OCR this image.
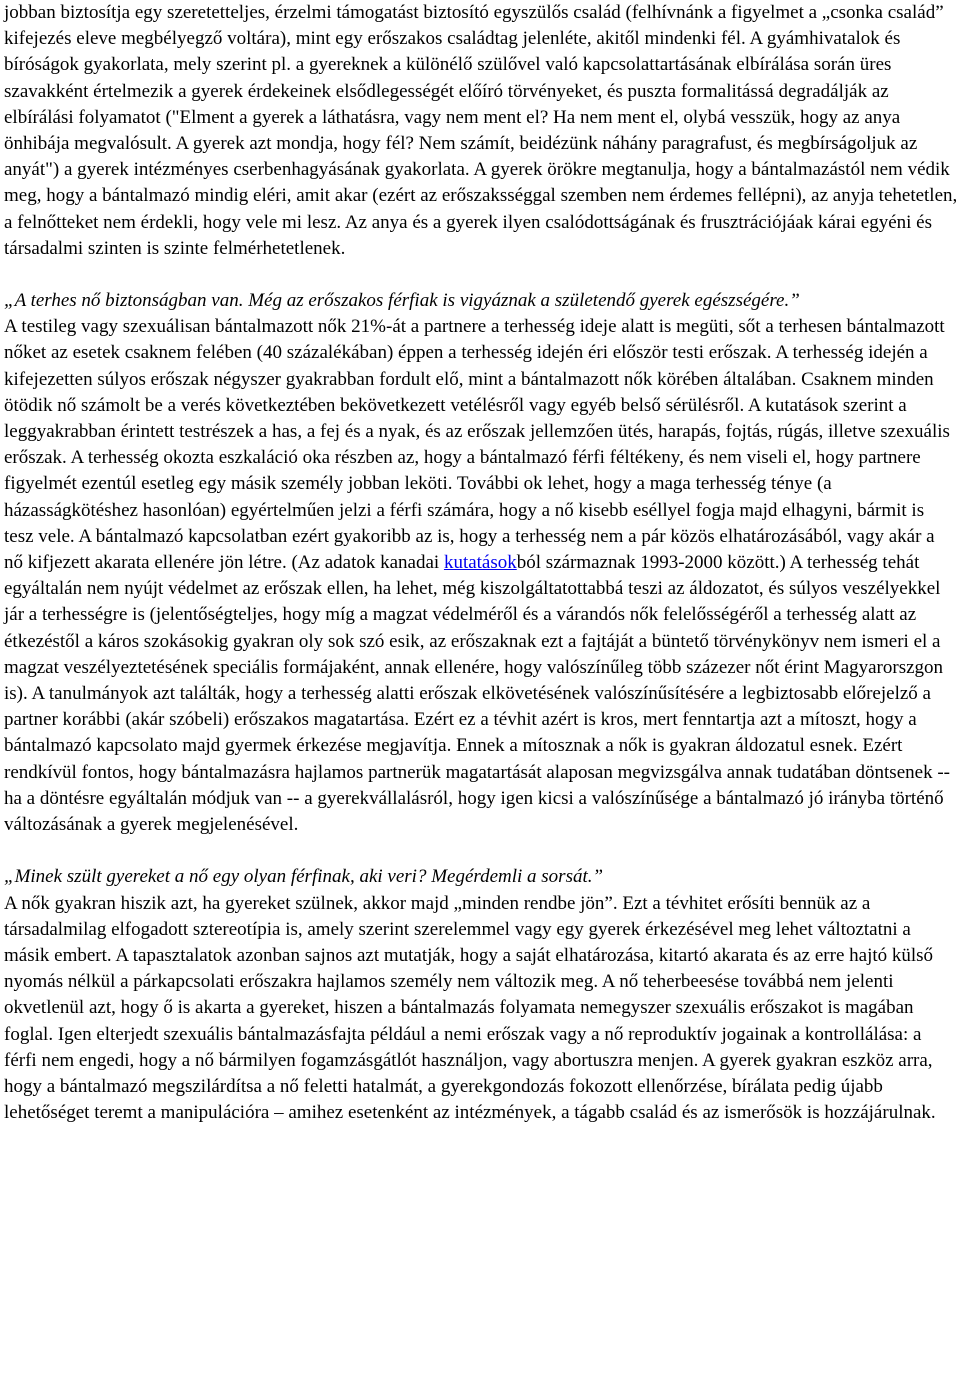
jobban biztosítja egy szeretetteljes, érzelmi támogatást biztosító egyszülős család (felhívnánk a figyelmet a „csonka család” kifejezés eleve megbélyegző voltára), mint egy erőszakos családtag jelenléte, akitől mindenki fél. A gyámhivatalok és bíróságok gyakorlata, mely szerint pl. a gyereknek a különélő szülővel való kapcsolattartásának elbírálása során üres szavakként értelmezik a gyerek érdekeinek elsődlegességét előíró törvényeket, és puszta formalitássá degradálják az elbírálási folyamatot ("Elment a gyerek a láthatásra, vagy nem ment el? Ha nem ment el, olybá vesszük, hogy az anya önhibája megvalósult. A gyerek azt mondja, hogy fél? Nem számít, beidézünk náhány paragrafust, és megbírságoljuk az anyát") a gyerek intézményes cserbenhagyásának gyakorlata. A gyerek örökre megtanulja, hogy a bántalmazástól nem védik meg, hogy a bántalmazó mindig eléri, amit akar (ezért az erőszaksséggal szemben nem érdemes fellépni), az anyja tehetetlen, a felnőtteket nem érdekli, hogy vele mi lesz. Az anya és a gyerek ilyen csalódottságának és frusztrációjáak kárai egyéni és társadalmi szinten is szinte felmérhetetlenek.

„A terhes nő biztonságban van. Még az erőszakos férfiak is vigyáznak a születendő gyerek egészségére.”

A testileg vagy szexuálisan bántalmazott nők 21%-át a partnere a terhesség ideje alatt is megüti, sőt a terhesen bántalmazott nőket az esetek csaknem felében (40 százalékában) éppen a terhesség idején éri először testi erőszak. A terhesség idején a kifejezetten súlyos erőszak négyszer gyakrabban fordult elő, mint a bántalmazott nők körében általában. Csaknem minden ötödik nő számolt be a verés következtében bekövetkezett vetélésről vagy egyéb belső sérülésről. A kutatások szerint a leggyakrabban érintett testrészek a has, a fej és a nyak, és az erőszak jellemzően ütés, harapás, fojtás, rúgás, illetve szexuális erőszak. A terhesség okozta eszkaláció oka részben az, hogy a bántalmazó férfi féltékeny, és nem viseli el, hogy partnere figyelmét ezentúl esetleg egy másik személy jobban leköti. További ok lehet, hogy a maga terhesség ténye (a házasságkötéshez hasonlóan) egyértelműen jelzi a férfi számára, hogy a nő kisebb eséllyel fogja majd elhagyni, bármit is tesz vele. A bántalmazó kapcsolatban ezért gyakoribb az is, hogy a terhesség nem a pár közös elhatározásából, vagy akár a nő kifjezett akarata ellenére jön létre. (Az adatok kanadai kutatásokból származnak 1993-2000 között.) A terhesség tehát egyáltalán nem nyújt védelmet az erőszak ellen, ha lehet, még kiszolgáltatottabbá teszi az áldozatot, és súlyos veszélyekkel jár a terhességre is (jelentőségteljes, hogy míg a magzat védelméről és a várandós nők felelősségéről a terhesség alatt az étkezéstől a káros szokásokig gyakran oly sok szó esik, az erőszaknak ezt a fajtáját a büntető törvénykönyv nem ismeri el a magzat veszélyeztetésének speciális formájaként, annak ellenére, hogy valószínűleg több százezer nőt érint Magyarorszgon is). A tanulmányok azt találták, hogy a terhesség alatti erőszak elkövetésének valószínűsítésére a legbiztosabb előrejelző a partner korábbi (akár szóbeli) erőszakos magatartása. Ezért ez a tévhit azért is kros, mert fenntartja azt a mítoszt, hogy a bántalmazó kapcsolato majd gyermek érkezése megjavítja. Ennek a mítosznak a nők is gyakran áldozatul esnek. Ezért rendkívül fontos, hogy bántalmazásra hajlamos partnerük magatartását alaposan megvizsgálva annak tudatában döntsenek -- ha a döntésre egyáltalán módjuk van -- a gyerekvállalásról, hogy igen kicsi a valószínűsége a bántalmazó jó irányba történő változásának a gyerek megjelenésével.

„Minek szült gyereket a nő egy olyan férfinak, aki veri? Megérdemli a sorsát.”

A nők gyakran hiszik azt, ha gyereket szülnek, akkor majd „minden rendbe jön”. Ezt a tévhitet erősíti bennük az a társadalmilag elfogadott sztereotípia is, amely szerint szerelemmel vagy egy gyerek érkezésével meg lehet változtatni a másik embert. A tapasztalatok azonban sajnos azt mutatják, hogy a saját elhatározása, kitartó akarata és az erre hajtó külső nyomás nélkül a párkapcsolati erőszakra hajlamos személy nem változik meg. A nő teherbeesése továbbá nem jelenti okvetlenül azt, hogy ő is akarta a gyereket, hiszen a bántalmazás folyamata nemegyszer szexuális erőszakot is magában foglal. Igen elterjedt szexuális bántalmazásfajta például a nemi erőszak vagy a nő reproduktív jogainak a kontrollálása: a férfi nem engedi, hogy a nő bármilyen fogamzásgátlót használjon, vagy abortuszra menjen. A gyerek gyakran eszköz arra, hogy a bántalmazó megszilárdítsa a nő feletti hatalmát, a gyerekgondozás fokozott ellenőrzése, bírálata pedig újabb lehetőséget teremt a manipulációra – amihez esetenként az intézmények, a tágabb család és az ismerősök is hozzájárulnak.
